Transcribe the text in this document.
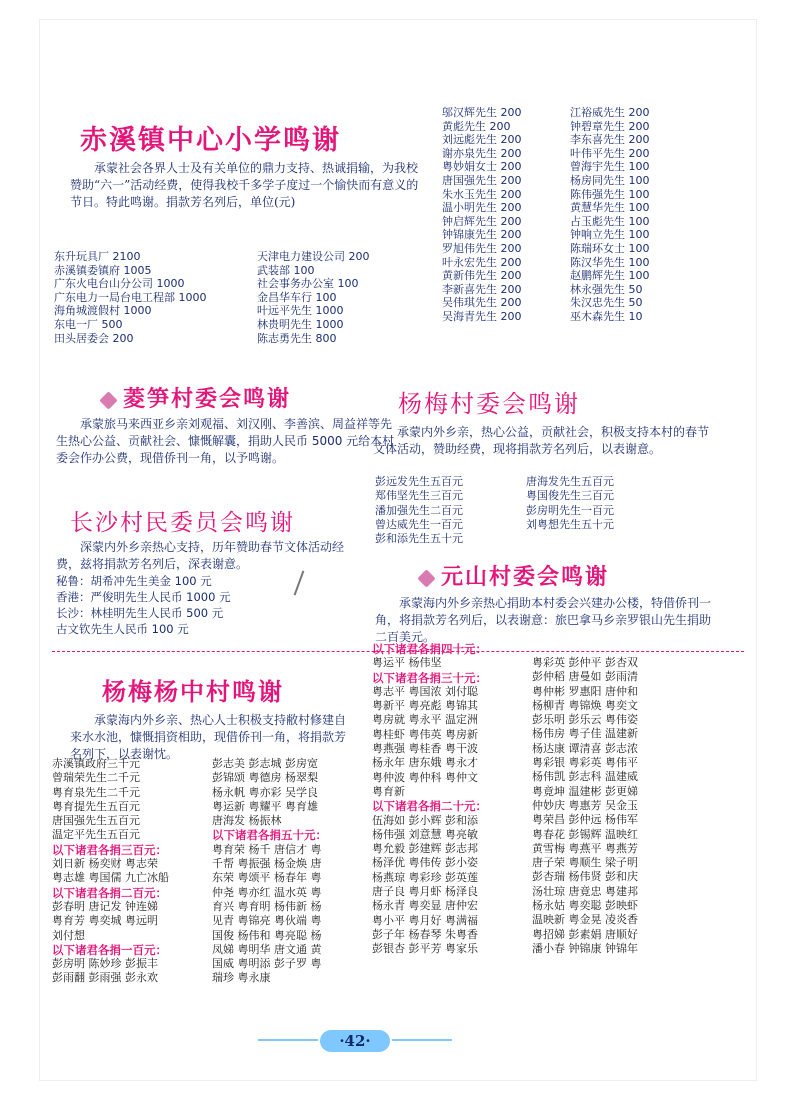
赤溪镇中心小学鸣谢
承蒙社会各界人士及有关单位的鼎力支持、热诚捐输，为我校赞助“六一”活动经费，使得我校千多学子度过一个愉快而有意义的节日。特此鸣谢。捐款芳名列后，单位(元)
东升玩具厂 2100
赤溪镇委镇府 1005
广东火电台山分公司 1000
广东电力一局台电工程部 1000
海角城渡假村 1000
东电一厂 500
田头居委会 200
天津电力建设公司 200
武装部 100
社会事务办公室 100
金昌华车行 100
叶远平先生 1000
林贵明先生 1000
陈志勇先生 800
邬汉辉先生 200
黄彪先生 200
刘远彪先生 200
谢亦泉先生 200
粤妙娟女士 200
唐国强先生 200
朱水玉先生 200
温小明先生 200
钟启辉先生 200
钟锦康先生 200
罗旭伟先生 200
叶永宏先生 200
黄新伟先生 200
李新喜先生 200
吴伟琪先生 200
吴海青先生 200
江裕威先生 200
钟碧章先生 200
李东喜先生 200
叶伟平先生 200
曾海宇先生 100
杨房同先生 100
陈伟强先生 100
黄慧华先生 100
占玉彪先生 100
钟响立先生 100
陈瑞环女士 100
陈汉华先生 100
赵鹏辉先生 100
林永强先生 50
朱汉忠先生 50
巫木森先生 10
菱笋村委会鸣谢
承蒙旅马来西亚乡亲刘观福、刘汉刚、李善滨、周益祥等先生热心公益、贡献社会、慷慨解囊，捐助人民币 5000 元给本村委会作办公费，现借侨刊一角，以予鸣谢。
长沙村民委员会鸣谢
深蒙内外乡亲热心支持，历年赞助春节文体活动经费，兹将捐款芳名列后，深表谢意。
秘鲁：胡希冲先生美金 100 元
香港：严俊明先生人民币 1000 元
长沙：林桂明先生人民币 500 元
古文钦先生人民币 100 元
杨梅村委会鸣谢
承蒙内外乡亲，热心公益，贡献社会，积极支持本村的春节文体活动，赞助经费，现将捐款芳名列后，以表谢意。
彭远发先生五百元
郑伟坚先生三百元
潘加强先生二百元
曾达威先生一百元
彭和添先生五十元
唐海发先生五百元
粤国俊先生三百元
彭房明先生一百元
刘粤想先生五十元
元山村委会鸣谢
承蒙海内外乡亲热心捐助本村委会兴建办公楼，特借侨刊一角，将捐款芳名列后，以表谢意：旅巴拿马乡亲罗银山先生捐助二百美元。
杨梅杨中村鸣谢
承蒙海内外乡亲、热心人士积极支持敝村修建自来水水池，慷慨捐资相助，现借侨刊一角，将捐款芳名列下，以表谢忱。
赤溪镇政府三千元
曾瑞荣先生二千元
粤育泉先生二千元
粤育提先生五百元
唐国强先生五百元
温定平先生五百元
以下诸君各捐三百元：
刘日新 杨奕财 粤志荣
粤志雄 粤国儒 九亡冰船
以下诸君各捐二百元：
彭春明 唐记发 钟连娣
粤育芳 粤奕城 粤远明
刘付想
以下诸君各捐一百元：
彭房明 陈妙珍 彭振丰
彭雨翻 彭雨强 彭永欢
彭志美 彭志城 彭房宽
彭锦颂 粤德房 杨翠梨
杨永帆 粤亦彩 吴学良
粤运新 粤耀平 粤育雄
唐海发 杨振林
以下诸君各捐五十元：
粤育荣 杨千 唐信才 粤
千帮 粤振强 杨金焕 唐
东荣 粤颂平 杨春年 粤
仲尧 粤亦红 温水英 粤
育兴 粤育明 杨伟新 杨
见青 粤锦亮 粤伙端 粤
国俊 杨伟和 粤亮聪 杨
凤娣 粤明华 唐文通 黄
国威 粤明添 彭子罗 粤
瑞珍 粤永康
以下诸君各捐四十元：
粤运平 杨伟坚
以下诸君各捐三十元：
粤志平 粤国浓 刘付聪
粤新平 粤亮彪 粤锦其
粤房就 粤永平 温定洲
粤桂虾 粤伟英 粤房新
粤燕强 粤桂香 粤干波
杨永年 唐东娥 粤永才
粤仲波 粤仲科 粤仲文
粤育新
以下诸君各捐二十元：
伍海如 彭小辉 彭和添
杨伟强 刘意慧 粤亮敏
粤允毅 彭建辉 彭志邦
杨泽优 粤伟传 彭小姿
杨燕琼 粤彩珍 彭英莲
唐子良 粤月虾 杨泽良
杨永青 粤奕显 唐仲宏
粤小平 粤月好 粤满福
彭子年 杨春琴 朱粤香
彭银杏 彭平芳 粤家乐
粤彩英 彭仲平 彭杏双
彭仲稻 唐曼如 彭雨清
粤仲彬 罗惠阳 唐仲和
杨柳青 粤锦焕 粤奕文
彭乐明 彭乐云 粤伟姿
杨伟房 粤子佳 温建新
杨达康 谭清喜 彭志浓
粤彩银 粤彩英 粤伟平
杨伟凯 彭志科 温建威
粤竟坤 温建彬 彭更娣
仲妙庆 粤惠芳 吴金玉
粤荣昌 彭仲远 杨伟军
粤春花 彭锡辉 温映红
黄雪梅 粤燕平 粤燕芳
唐子荣 粤顺生 梁子明
彭杏瑞 杨伟贤 彭和庆
汤壮琼 唐竟忠 粤建邦
杨永姑 粤奕聪 彭映虾
温映新 粤金晃 凌炎香
粤招娣 彭素娟 唐顺好
潘小春 钟锦康 钟锦年
·42·
